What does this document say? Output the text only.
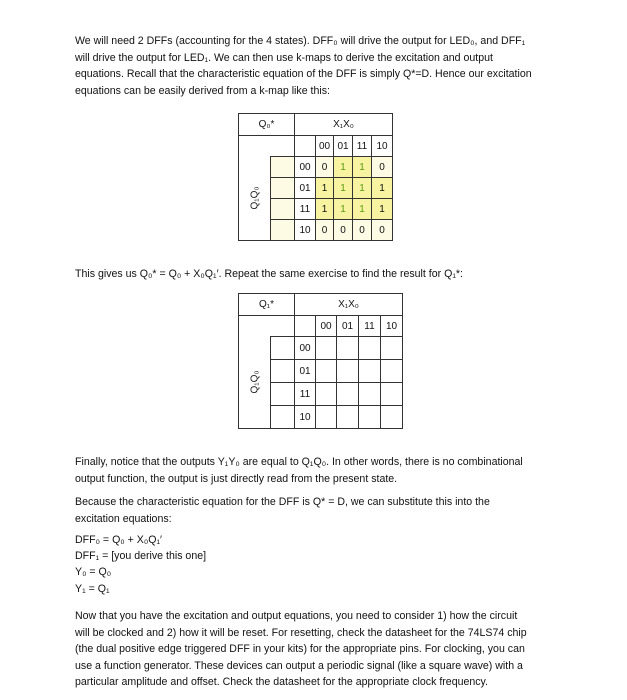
We will need 2 DFFs (accounting for the 4 states). DFF₀ will drive the output for LED₀, and DFF₁

will drive the output for LED₁. We can then use k-maps to derive the excitation and output

equations. Recall that the characteristic equation of the DFF is simply Q*=D. Hence our excitation

equations can be easily derived from a k-map like this:

Q₀*		X₁X₀				
			00	01	11	10

Q₁Q₀		00	0	1	1	0
		01	1	1	1	1
		11	1	1	1	1
		10	0	0	0	0

This gives us Q₀* = Q₀ + X₀Q₁′. Repeat the same exercise to find the result for Q₁*:

Q₁*		X₁X₀				
			00	01	11	10

Q₁Q₀		00				
		01				
		11				
		10				

Finally, notice that the outputs Y₁Y₀ are equal to Q₁Q₀. In other words, there is no combinational

output function, the output is just directly read from the present state.

Because the characteristic equation for the DFF is Q* = D, we can substitute this into the

excitation equations:

DFF₀ = Q₀ + X₀Q₁′
DFF₁ = [you derive this one]
Y₀ = Q₀
Y₁ = Q₁

Now that you have the excitation and output equations, you need to consider 1) how the circuit

will be clocked and 2) how it will be reset. For resetting, check the datasheet for the 74LS74 chip

(the dual positive edge triggered DFF in your kits) for the appropriate pins. For clocking, you can

use a function generator. These devices can output a periodic signal (like a square wave) with a

particular amplitude and offset. Check the datasheet for the appropriate clock frequency.
